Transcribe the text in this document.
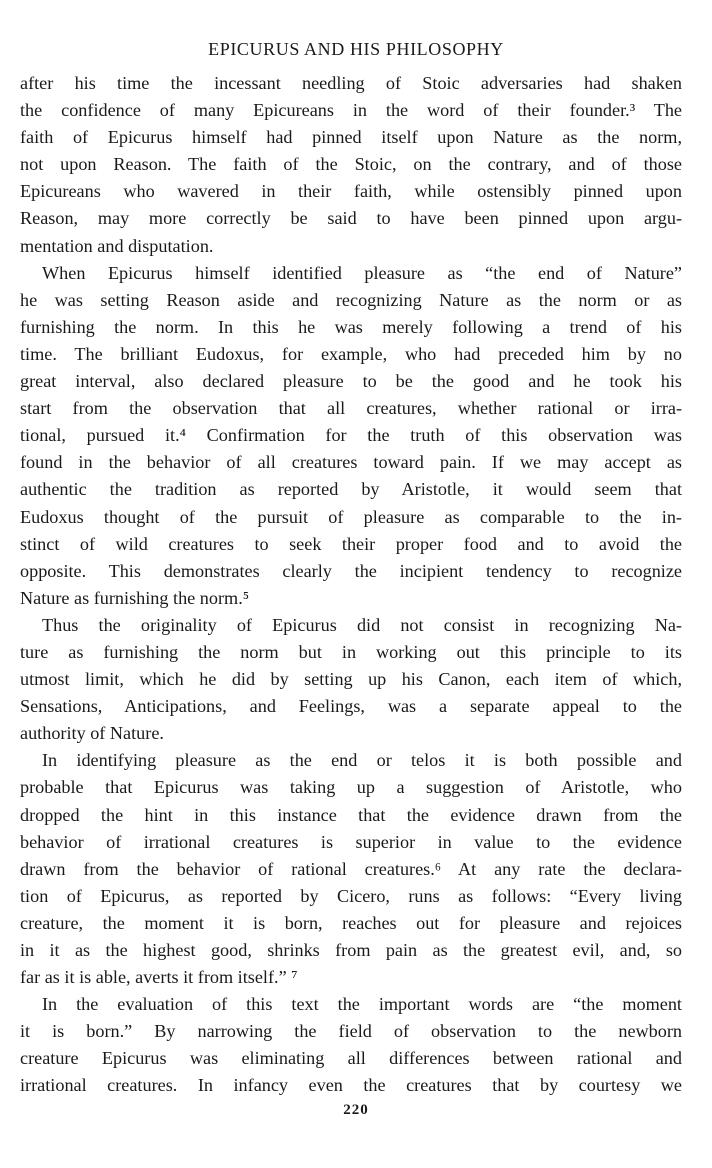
EPICURUS AND HIS PHILOSOPHY
after his time the incessant needling of Stoic adversaries had shaken
the confidence of many Epicureans in the word of their founder.³ The
faith of Epicurus himself had pinned itself upon Nature as the norm,
not upon Reason. The faith of the Stoic, on the contrary, and of those
Epicureans who wavered in their faith, while ostensibly pinned upon
Reason, may more correctly be said to have been pinned upon argu-
mentation and disputation.
When Epicurus himself identified pleasure as “the end of Nature”
he was setting Reason aside and recognizing Nature as the norm or as
furnishing the norm. In this he was merely following a trend of his
time. The brilliant Eudoxus, for example, who had preceded him by no
great interval, also declared pleasure to be the good and he took his
start from the observation that all creatures, whether rational or irra-
tional, pursued it.⁴ Confirmation for the truth of this observation was
found in the behavior of all creatures toward pain. If we may accept as
authentic the tradition as reported by Aristotle, it would seem that
Eudoxus thought of the pursuit of pleasure as comparable to the in-
stinct of wild creatures to seek their proper food and to avoid the
opposite. This demonstrates clearly the incipient tendency to recognize
Nature as furnishing the norm.⁵
Thus the originality of Epicurus did not consist in recognizing Na-
ture as furnishing the norm but in working out this principle to its
utmost limit, which he did by setting up his Canon, each item of which,
Sensations, Anticipations, and Feelings, was a separate appeal to the
authority of Nature.
In identifying pleasure as the end or telos it is both possible and
probable that Epicurus was taking up a suggestion of Aristotle, who
dropped the hint in this instance that the evidence drawn from the
behavior of irrational creatures is superior in value to the evidence
drawn from the behavior of rational creatures.⁶ At any rate the declara-
tion of Epicurus, as reported by Cicero, runs as follows: “Every living
creature, the moment it is born, reaches out for pleasure and rejoices
in it as the highest good, shrinks from pain as the greatest evil, and, so
far as it is able, averts it from itself.” ⁷
In the evaluation of this text the important words are “the moment
it is born.” By narrowing the field of observation to the newborn
creature Epicurus was eliminating all differences between rational and
irrational creatures. In infancy even the creatures that by courtesy we
220
